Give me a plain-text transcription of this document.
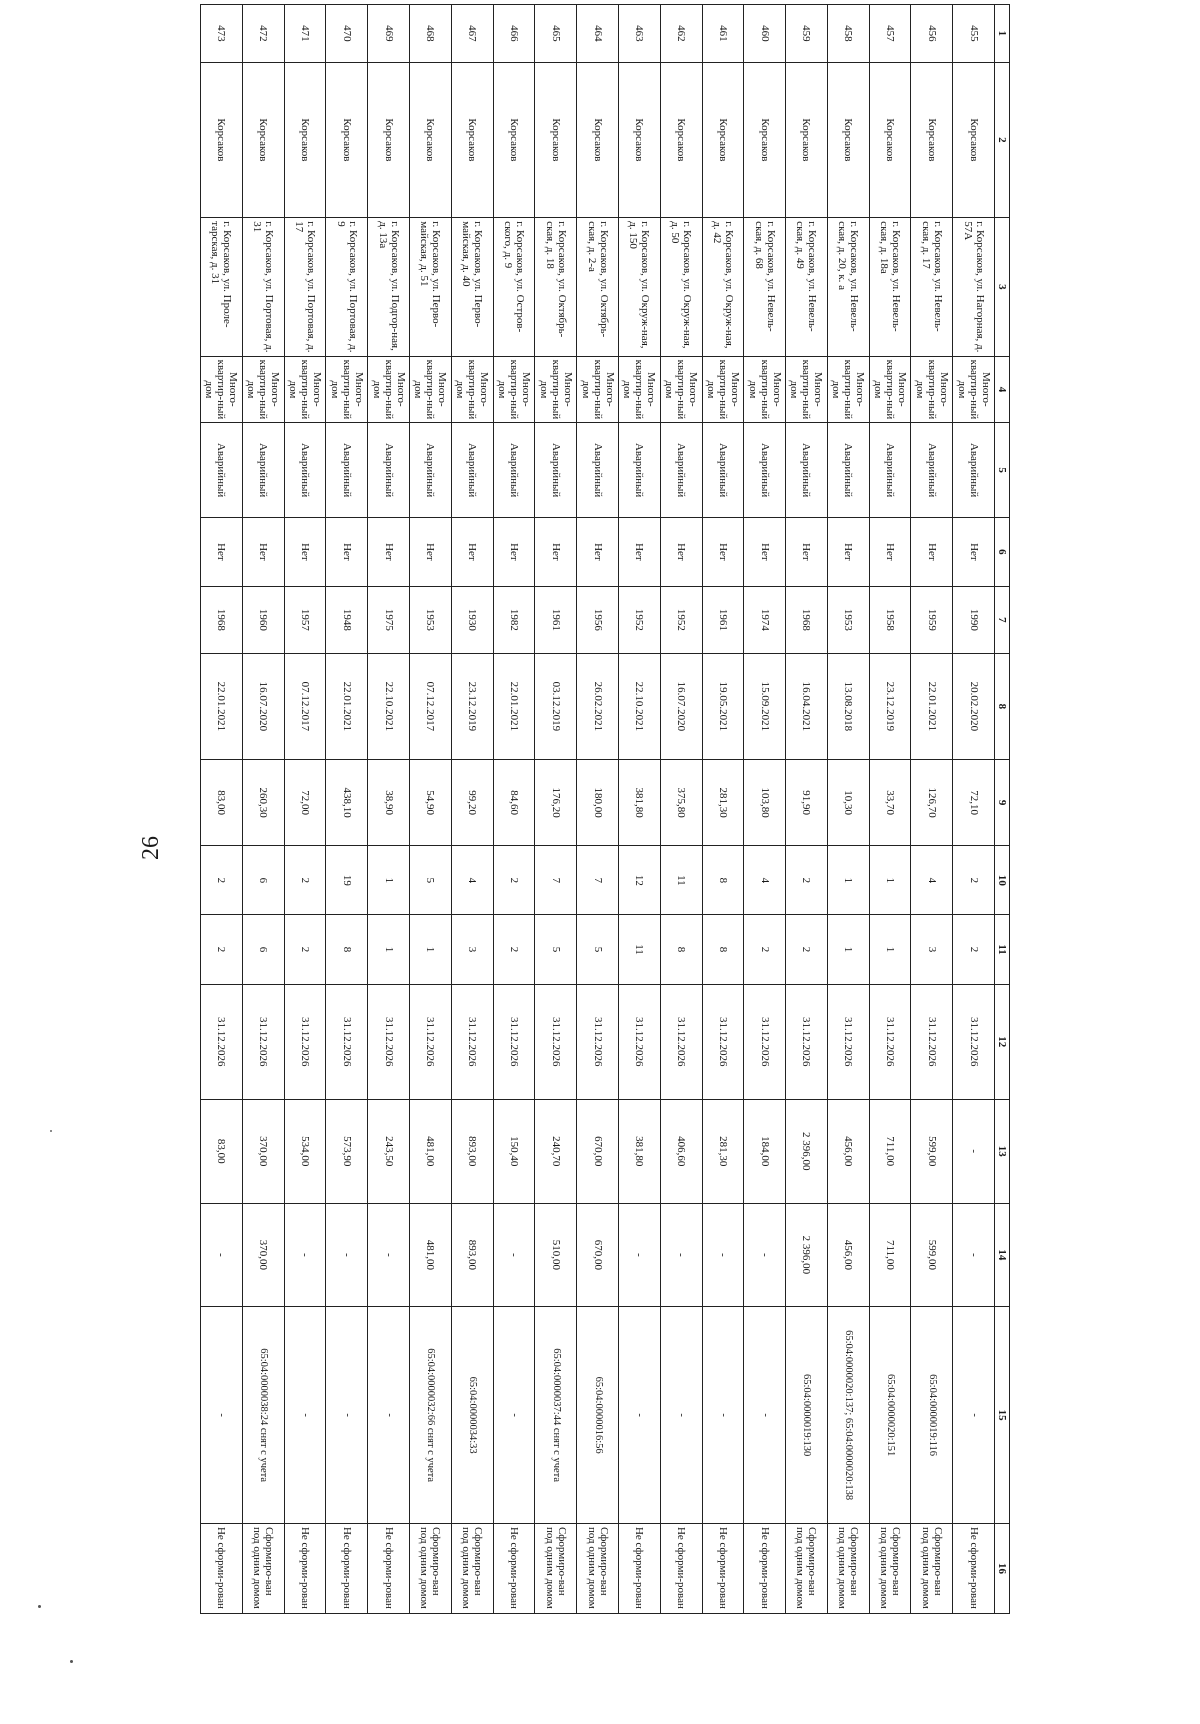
26
1	2	3	4	5	6	7	8	9	10	11	12	13	14	15	16
455	Корсаков	г. Корсаков, ул. Нагорная, д. 57А	Много-квартир-ный дом	Аварийный	Нет	1990	20.02.2020	72,10	2	2	31.12.2026	-	-	-	Не сформи-рован
456	Корсаков	г. Корсаков, ул. Невель-ская, д. 17	Много-квартир-ный дом	Аварийный	Нет	1959	22.01.2021	126,70	4	3	31.12.2026	599,00	599,00	65:04:0000019:116	Сформиро-ван под одним домом
457	Корсаков	г. Корсаков, ул. Невель-ская, д. 18а	Много-квартир-ный дом	Аварийный	Нет	1958	23.12.2019	33,70	1	1	31.12.2026	711,00	711,00	65:04:0000020:151	Сформиро-ван под одним домом
458	Корсаков	г. Корсаков, ул. Невель-ская, д. 20, к. а	Много-квартир-ный дом	Аварийный	Нет	1953	13.08.2018	10,30	1	1	31.12.2026	456,00	456,00	65:04:0000020:137; 65:04:0000020:138	Сформиро-ван под одним домом
459	Корсаков	г. Корсаков, ул. Невель-ская, д. 49	Много-квартир-ный дом	Аварийный	Нет	1968	16.04.2021	91,90	2	2	31.12.2026	2 396,00	2 396,00	65:04:0000019:130	Сформиро-ван под одним домом
460	Корсаков	г. Корсаков, ул. Невель-ская, д. 68	Много-квартир-ный дом	Аварийный	Нет	1974	15.09.2021	103,80	4	2	31.12.2026	184,00	-	-	Не сформи-рован
461	Корсаков	г. Корсаков, ул. Окруж-ная, д. 42	Много-квартир-ный дом	Аварийный	Нет	1961	19.05.2021	281,30	8	8	31.12.2026	281,30	-	-	Не сформи-рован
462	Корсаков	г. Корсаков, ул. Окруж-ная, д. 50	Много-квартир-ный дом	Аварийный	Нет	1952	16.07.2020	375,80	11	8	31.12.2026	406,60	-	-	Не сформи-рован
463	Корсаков	г. Корсаков, ул. Окруж-ная, д. 150	Много-квартир-ный дом	Аварийный	Нет	1952	22.10.2021	381,80	12	11	31.12.2026	381,80	-	-	Не сформи-рован
464	Корсаков	г. Корсаков, ул. Октябрь-ская, д. 2-а	Много-квартир-ный дом	Аварийный	Нет	1956	26.02.2021	180,00	7	5	31.12.2026	670,00	670,00	65:04:0000016:56	Сформиро-ван под одним домом
465	Корсаков	г. Корсаков, ул. Октябрь-ская, д. 18	Много-квартир-ный дом	Аварийный	Нет	1961	03.12.2019	176,20	7	5	31.12.2026	240,70	510,00	65:04:0000037:44 снят с учета	Сформиро-ван под одним домом
466	Корсаков	г. Корсаков, ул. Остров-ского, д. 9	Много-квартир-ный дом	Аварийный	Нет	1982	22.01.2021	84,60	2	2	31.12.2026	150,40	-	-	Не сформи-рован
467	Корсаков	г. Корсаков, ул. Перво-майская, д. 40	Много-квартир-ный дом	Аварийный	Нет	1930	23.12.2019	99,20	4	3	31.12.2026	893,00	893,00	65:04:0000034:33	Сформиро-ван под одним домом
468	Корсаков	г. Корсаков, ул. Перво-майская, д. 51	Много-квартир-ный дом	Аварийный	Нет	1953	07.12.2017	54,90	5	1	31.12.2026	481,00	481,00	65:04:0000032:66 снят с учета	Сформиро-ван под одним домом
469	Корсаков	г. Корсаков, ул. Подгор-ная, д. 13а	Много-квартир-ный дом	Аварийный	Нет	1975	22.10.2021	38,90	1	1	31.12.2026	243,50	-	-	Не сформи-рован
470	Корсаков	г. Корсаков, ул. Портовая, д. 9	Много-квартир-ный дом	Аварийный	Нет	1948	22.01.2021	438,10	19	8	31.12.2026	573,90	-	-	Не сформи-рован
471	Корсаков	г. Корсаков, ул. Портовая, д. 17	Много-квартир-ный дом	Аварийный	Нет	1957	07.12.2017	72,00	2	2	31.12.2026	534,00	-	-	Не сформи-рован
472	Корсаков	г. Корсаков, ул. Портовая, д. 31	Много-квартир-ный дом	Аварийный	Нет	1960	16.07.2020	260,30	6	6	31.12.2026	370,00	370,00	65:04:0000038:24 снят с учета	Сформиро-ван под одним домом
473	Корсаков	г. Корсаков, ул. Проле-тарская, д. 31	Много-квартир-ный дом	Аварийный	Нет	1968	22.01.2021	83,00	2	2	31.12.2026	83,00	-	-	Не сформи-рован
